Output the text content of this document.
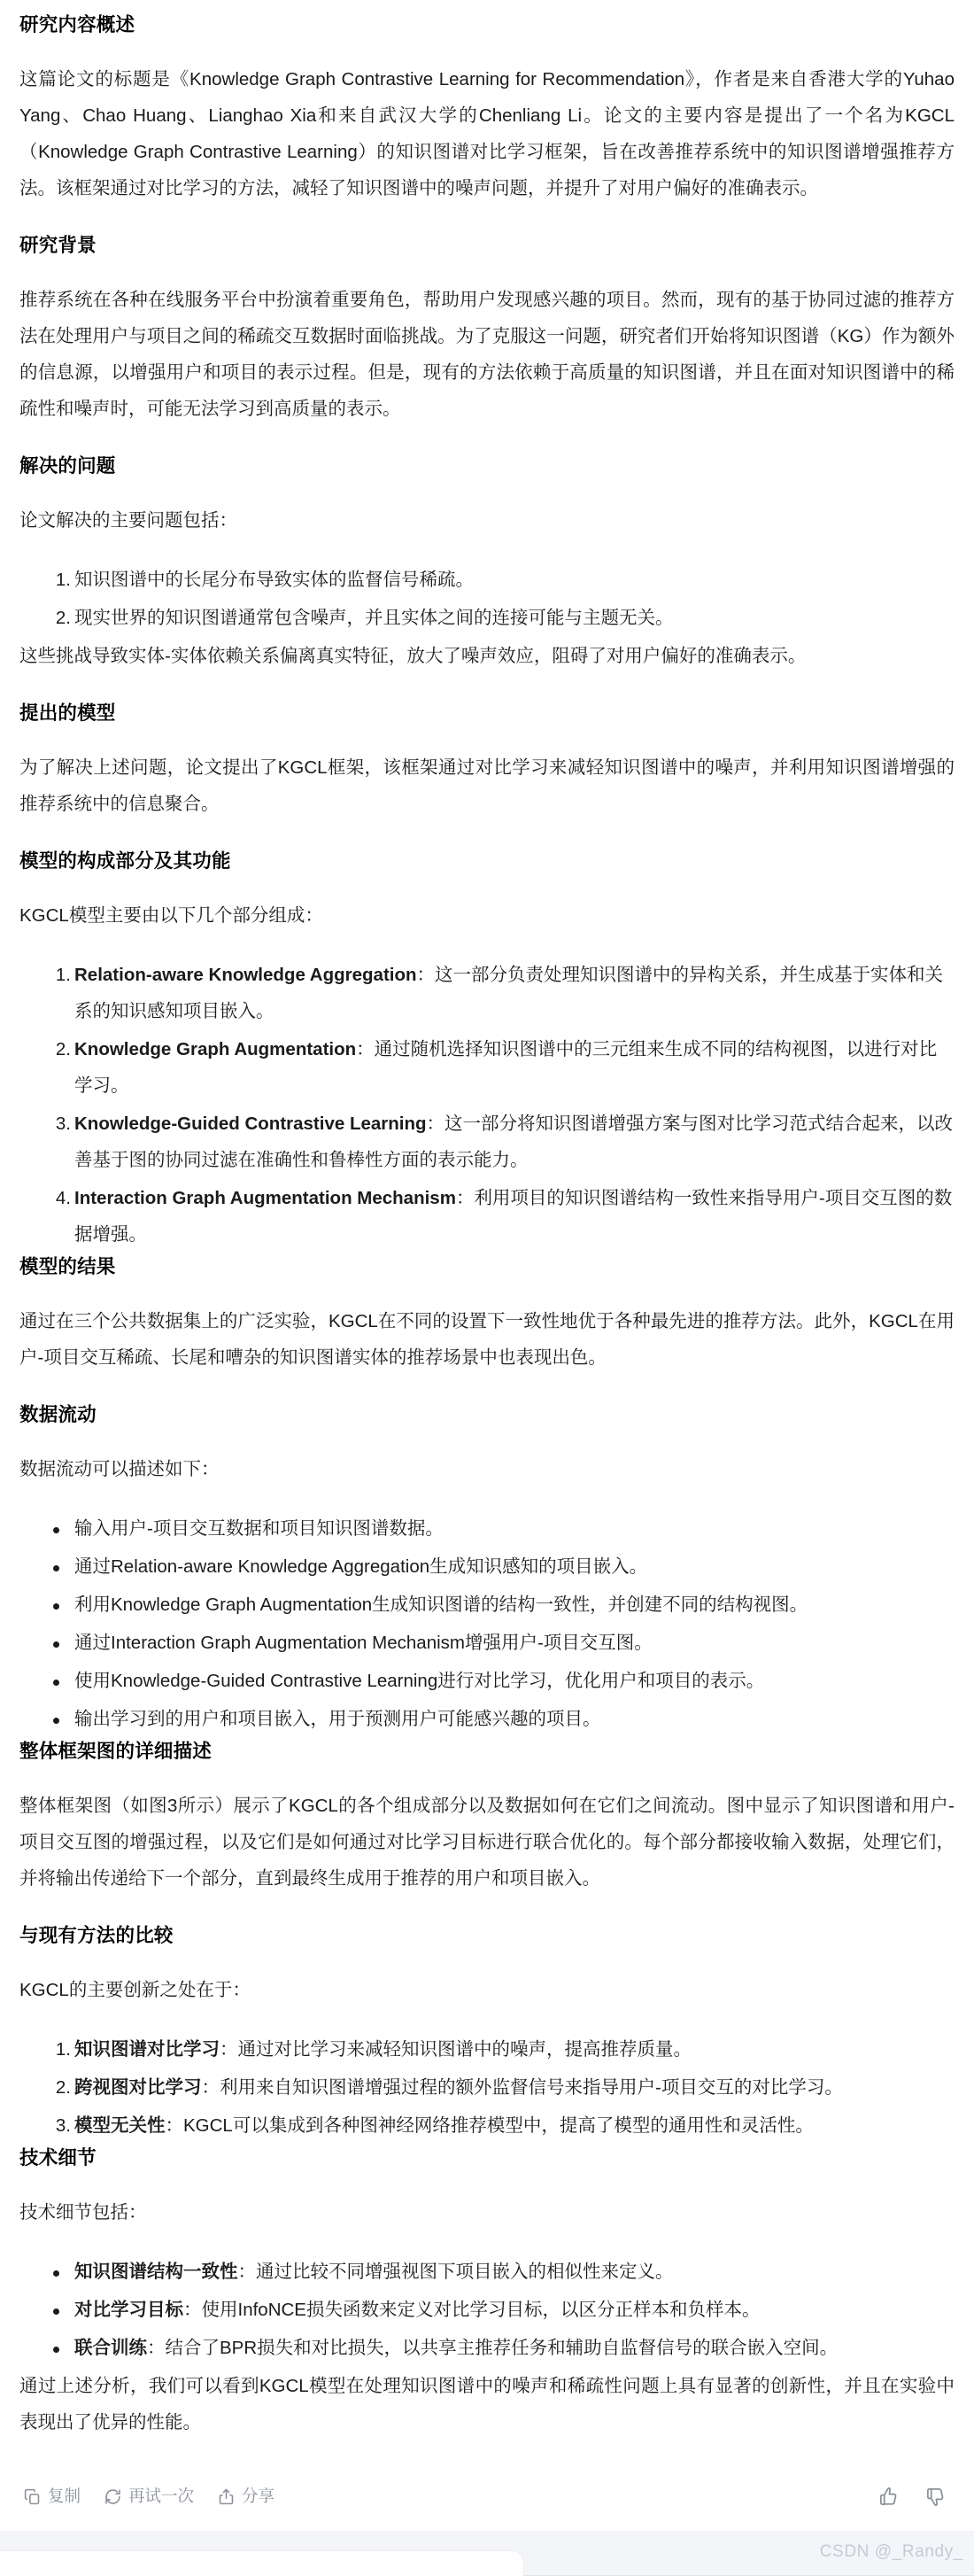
研究内容概述

这篇论文的标题是《Knowledge Graph Contrastive Learning for Recommendation》，作者是来自香港大学的Yuhao Yang、Chao Huang、Lianghao Xia和来自武汉大学的Chenliang Li。论文的主要内容是提出了一个名为KGCL（Knowledge Graph Contrastive Learning）的知识图谱对比学习框架，旨在改善推荐系统中的知识图谱增强推荐方法。该框架通过对比学习的方法，减轻了知识图谱中的噪声问题，并提升了对用户偏好的准确表示。

研究背景

推荐系统在各种在线服务平台中扮演着重要角色，帮助用户发现感兴趣的项目。然而，现有的基于协同过滤的推荐方法在处理用户与项目之间的稀疏交互数据时面临挑战。为了克服这一问题，研究者们开始将知识图谱（KG）作为额外的信息源，以增强用户和项目的表示过程。但是，现有的方法依赖于高质量的知识图谱，并且在面对知识图谱中的稀疏性和噪声时，可能无法学习到高质量的表示。

解决的问题

论文解决的主要问题包括：

1. 知识图谱中的长尾分布导致实体的监督信号稀疏。
2. 现实世界的知识图谱通常包含噪声，并且实体之间的连接可能与主题无关。

这些挑战导致实体-实体依赖关系偏离真实特征，放大了噪声效应，阻碍了对用户偏好的准确表示。

提出的模型

为了解决上述问题，论文提出了KGCL框架，该框架通过对比学习来减轻知识图谱中的噪声，并利用知识图谱增强的推荐系统中的信息聚合。

模型的构成部分及其功能

KGCL模型主要由以下几个部分组成：

1. Relation-aware Knowledge Aggregation：这一部分负责处理知识图谱中的异构关系，并生成基于实体和关系的知识感知项目嵌入。
2. Knowledge Graph Augmentation：通过随机选择知识图谱中的三元组来生成不同的结构视图，以进行对比学习。
3. Knowledge-Guided Contrastive Learning：这一部分将知识图谱增强方案与图对比学习范式结合起来，以改善基于图的协同过滤在准确性和鲁棒性方面的表示能力。
4. Interaction Graph Augmentation Mechanism：利用项目的知识图谱结构一致性来指导用户-项目交互图的数据增强。
模型的结果

通过在三个公共数据集上的广泛实验，KGCL在不同的设置下一致性地优于各种最先进的推荐方法。此外，KGCL在用户-项目交互稀疏、长尾和嘈杂的知识图谱实体的推荐场景中也表现出色。

数据流动

数据流动可以描述如下：

输入用户-项目交互数据和项目知识图谱数据。
通过Relation-aware Knowledge Aggregation生成知识感知的项目嵌入。
利用Knowledge Graph Augmentation生成知识图谱的结构一致性，并创建不同的结构视图。
通过Interaction Graph Augmentation Mechanism增强用户-项目交互图。
使用Knowledge-Guided Contrastive Learning进行对比学习，优化用户和项目的表示。
输出学习到的用户和项目嵌入，用于预测用户可能感兴趣的项目。
整体框架图的详细描述

整体框架图（如图3所示）展示了KGCL的各个组成部分以及数据如何在它们之间流动。图中显示了知识图谱和用户-项目交互图的增强过程，以及它们是如何通过对比学习目标进行联合优化的。每个部分都接收输入数据，处理它们，并将输出传递给下一个部分，直到最终生成用于推荐的用户和项目嵌入。

与现有方法的比较

KGCL的主要创新之处在于：

1. 知识图谱对比学习：通过对比学习来减轻知识图谱中的噪声，提高推荐质量。
2. 跨视图对比学习：利用来自知识图谱增强过程的额外监督信号来指导用户-项目交互的对比学习。
3. 模型无关性：KGCL可以集成到各种图神经网络推荐模型中，提高了模型的通用性和灵活性。
技术细节

技术细节包括：

知识图谱结构一致性：通过比较不同增强视图下项目嵌入的相似性来定义。
对比学习目标：使用InfoNCE损失函数来定义对比学习目标，以区分正样本和负样本。
联合训练：结合了BPR损失和对比损失，以共享主推荐任务和辅助自监督信号的联合嵌入空间。

通过上述分析，我们可以看到KGCL模型在处理知识图谱中的噪声和稀疏性问题上具有显著的创新性，并且在实验中表现出了优异的性能。

复制	再试一次	分享
CSDN @_Randy_
